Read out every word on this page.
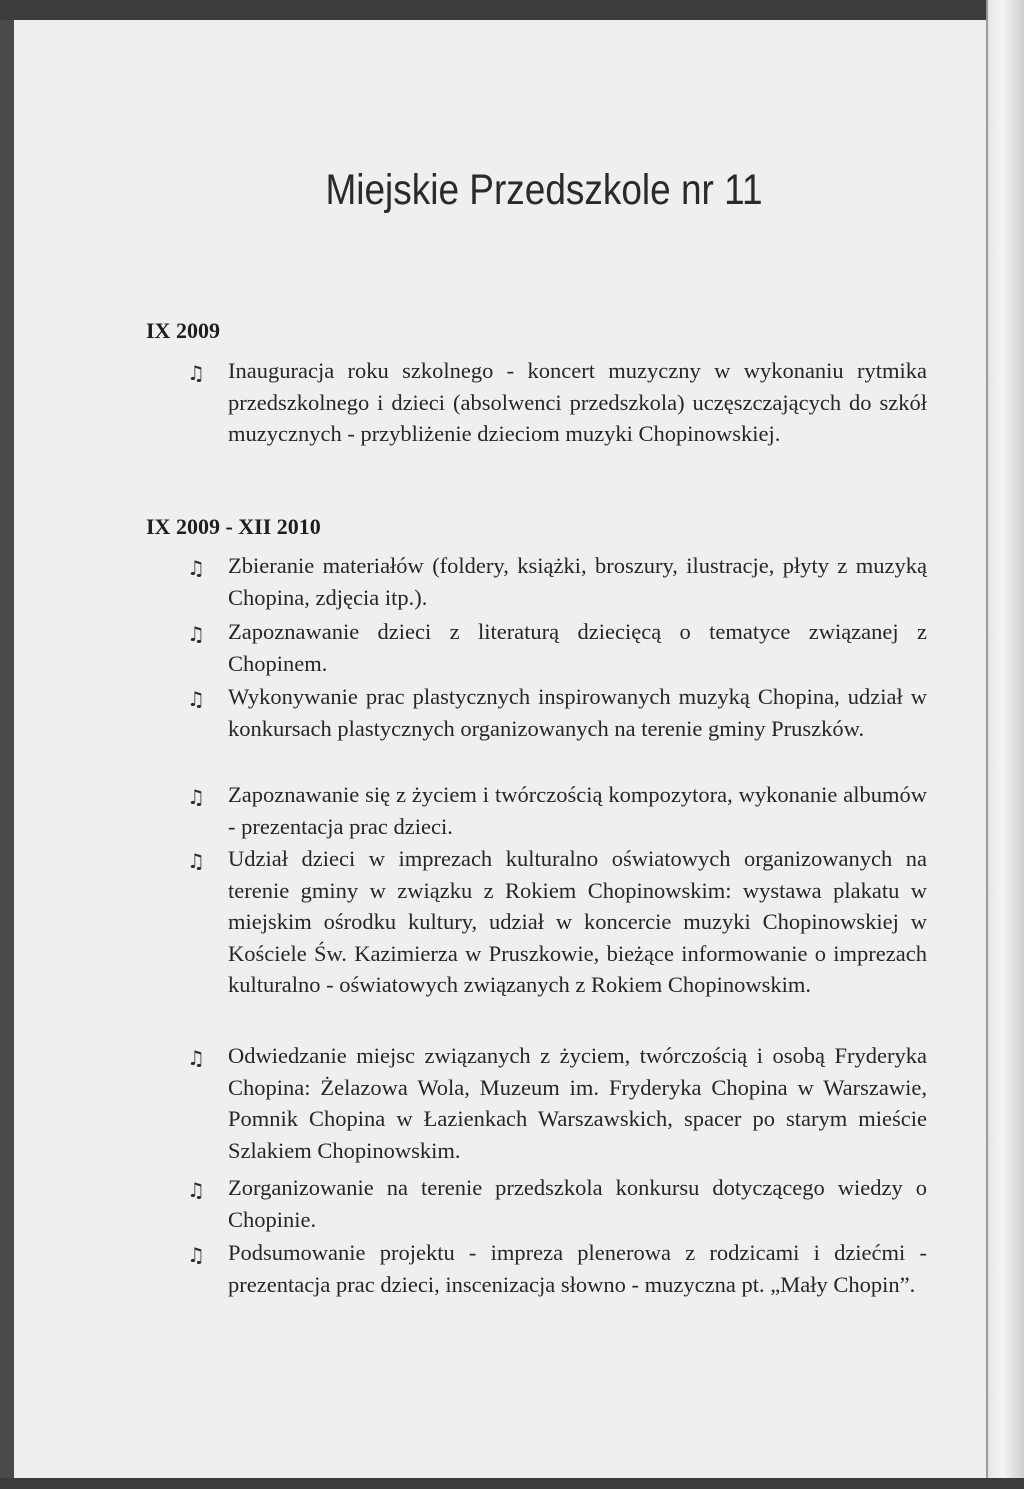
Miejskie Przedszkole nr 11
IX 2009
♫ Inauguracja roku szkolnego - koncert muzyczny w wykonaniu rytmika przedszkolnego i dzieci (absolwenci przedszkola) uczęszczających do szkół muzycznych - przybliżenie dzieciom muzyki Chopinowskiej.
IX 2009 - XII 2010
♫ Zbieranie materiałów (foldery, książki, broszury, ilustracje, płyty z muzyką Chopina, zdjęcia itp.).
♫ Zapoznawanie dzieci z literaturą dziecięcą o tematyce związanej z Chopinem.
♫ Wykonywanie prac plastycznych inspirowanych muzyką Chopina, udział w konkursach plastycznych organizowanych na terenie gminy Pruszków.
♫ Zapoznawanie się z życiem i twórczością kompozytora, wykonanie albumów - prezentacja prac dzieci.
♫ Udział dzieci w imprezach kulturalno oświatowych organizowanych na terenie gminy w związku z Rokiem Chopinowskim: wystawa plakatu w miejskim ośrodku kultury, udział w koncercie muzyki Chopinowskiej w Kościele Św. Kazimierza w Pruszkowie, bieżące informowanie o imprezach kulturalno - oświatowych związanych z Rokiem Chopinowskim.
♫ Odwiedzanie miejsc związanych z życiem, twórczością i osobą Fryderyka Chopina: Żelazowa Wola, Muzeum im. Fryderyka Chopina w Warszawie, Pomnik Chopina w Łazienkach Warszawskich, spacer po starym mieście Szlakiem Chopinowskim.
♫ Zorganizowanie na terenie przedszkola konkursu dotyczącego wiedzy o Chopinie.
♫ Podsumowanie projektu - impreza plenerowa z rodzicami i dziećmi - prezentacja prac dzieci, inscenizacja słowno - muzyczna pt. „Mały Chopin”.
